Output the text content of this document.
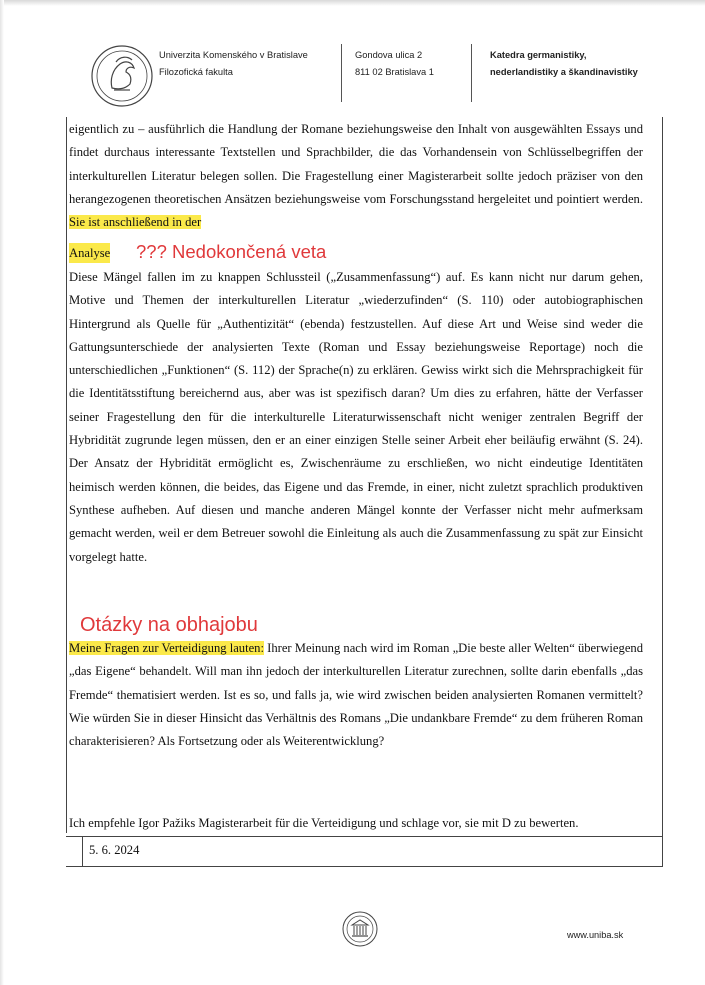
Univerzita Komenského v Bratislave
Filozofická fakulta
Gondova ulica 2
811 02 Bratislava 1
Katedra germanistiky,
nederlandistiky a škandinavistiky

eigentlich zu – ausführlich die Handlung der Romane beziehungsweise den Inhalt von ausgewählten Essays und findet durchaus interessante Textstellen und Sprachbilder, die das Vorhandensein von Schlüsselbegriffen der interkulturellen Literatur belegen sollen. Die Fragestellung einer Magisterarbeit sollte jedoch präziser von den herangezogenen theoretischen Ansätzen beziehungsweise vom Forschungsstand hergeleitet und pointiert werden. Sie ist anschließend in der

Analyse ??? Nedokončená veta

Diese Mängel fallen im zu knappen Schlussteil („Zusammenfassung“) auf. Es kann nicht nur darum gehen, Motive und Themen der interkulturellen Literatur „wiederzufinden“ (S. 110) oder autobiographischen Hintergrund als Quelle für „Authentizität“ (ebenda) festzustellen. Auf diese Art und Weise sind weder die Gattungsunterschiede der analysierten Texte (Roman und Essay beziehungsweise Reportage) noch die unterschiedlichen „Funktionen“ (S. 112) der Sprache(n) zu erklären. Gewiss wirkt sich die Mehrsprachigkeit für die Identitätsstiftung bereichernd aus, aber was ist spezifisch daran? Um dies zu erfahren, hätte der Verfasser seiner Fragestellung den für die interkulturelle Literaturwissenschaft nicht weniger zentralen Begriff der Hybridität zugrunde legen müssen, den er an einer einzigen Stelle seiner Arbeit eher beiläufig erwähnt (S. 24). Der Ansatz der Hybridität ermöglicht es, Zwischenräume zu erschließen, wo nicht eindeutige Identitäten heimisch werden können, die beides, das Eigene und das Fremde, in einer, nicht zuletzt sprachlich produktiven Synthese aufheben. Auf diesen und manche anderen Mängel konnte der Verfasser nicht mehr aufmerksam gemacht werden, weil er dem Betreuer sowohl die Einleitung als auch die Zusammenfassung zu spät zur Einsicht vorgelegt hatte.

Otázky na obhajobu

Meine Fragen zur Verteidigung lauten: Ihrer Meinung nach wird im Roman „Die beste aller Welten“ überwiegend „das Eigene“ behandelt. Will man ihn jedoch der interkulturellen Literatur zurechnen, sollte darin ebenfalls „das Fremde“ thematisiert werden. Ist es so, und falls ja, wie wird zwischen beiden analysierten Romanen vermittelt? Wie würden Sie in dieser Hinsicht das Verhältnis des Romans „Die undankbare Fremde“ zu dem früheren Roman charakterisieren? Als Fortsetzung oder als Weiterentwicklung?

Ich empfehle Igor Pažiks Magisterarbeit für die Verteidigung und schlage vor, sie mit D zu bewerten.

5. 6. 2024
www.uniba.sk
